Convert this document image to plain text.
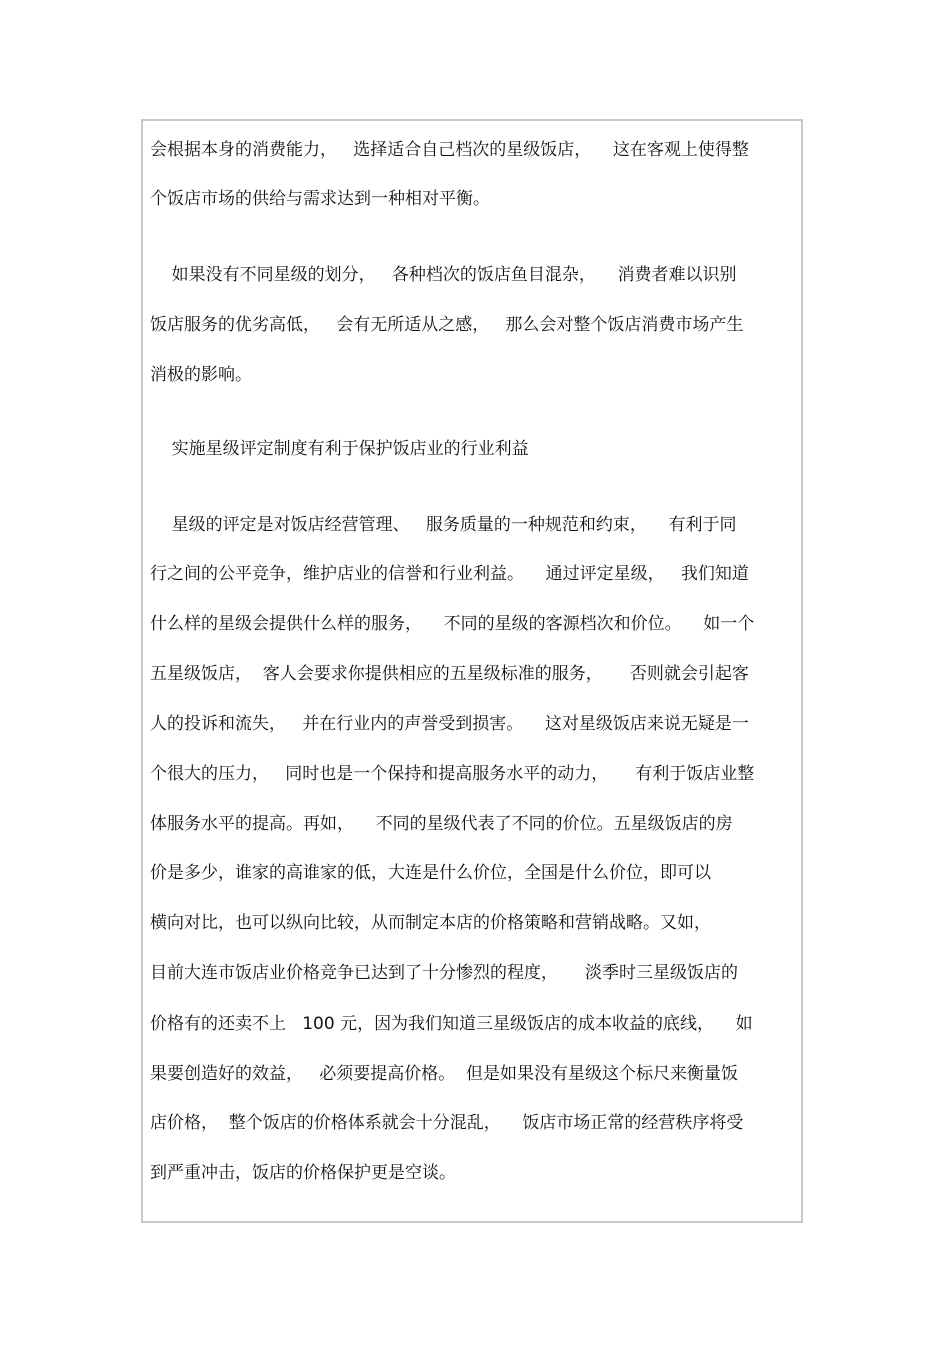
会根据本身的消费能力，   选择适合自己档次的星级饭店，    这在客观上使得整

个饭店市场的供给与需求达到一种相对平衡。

如果没有不同星级的划分，   各种档次的饭店鱼目混杂，    消费者难以识别

饭店服务的优劣高低，   会有无所适从之感，   那么会对整个饭店消费市场产生

消极的影响。

实施星级评定制度有利于保护饭店业的行业利益

星级的评定是对饭店经营管理、   服务质量的一种规范和约束，    有利于同

行之间的公平竞争，维护店业的信誉和行业利益。    通过评定星级，   我们知道

什么样的星级会提供什么样的服务，    不同的星级的客源档次和价位。    如一个

五星级饭店，  客人会要求你提供相应的五星级标准的服务，     否则就会引起客

人的投诉和流失，   并在行业内的声誉受到损害。    这对星级饭店来说无疑是一

个很大的压力，   同时也是一个保持和提高服务水平的动力，     有利于饭店业整

体服务水平的提高。再如，    不同的星级代表了不同的价位。五星级饭店的房

价是多少，谁家的高谁家的低，大连是什么价位，全国是什么价位，即可以

横向对比，也可以纵向比较，从而制定本店的价格策略和营销战略。又如，

目前大连市饭店业价格竞争已达到了十分惨烈的程度，     淡季时三星级饭店的

价格有的还卖不上   100 元，因为我们知道三星级饭店的成本收益的底线，    如

果要创造好的效益，   必须要提高价格。  但是如果没有星级这个标尺来衡量饭

店价格，  整个饭店的价格体系就会十分混乱，    饭店市场正常的经营秩序将受

到严重冲击，饭店的价格保护更是空谈。
